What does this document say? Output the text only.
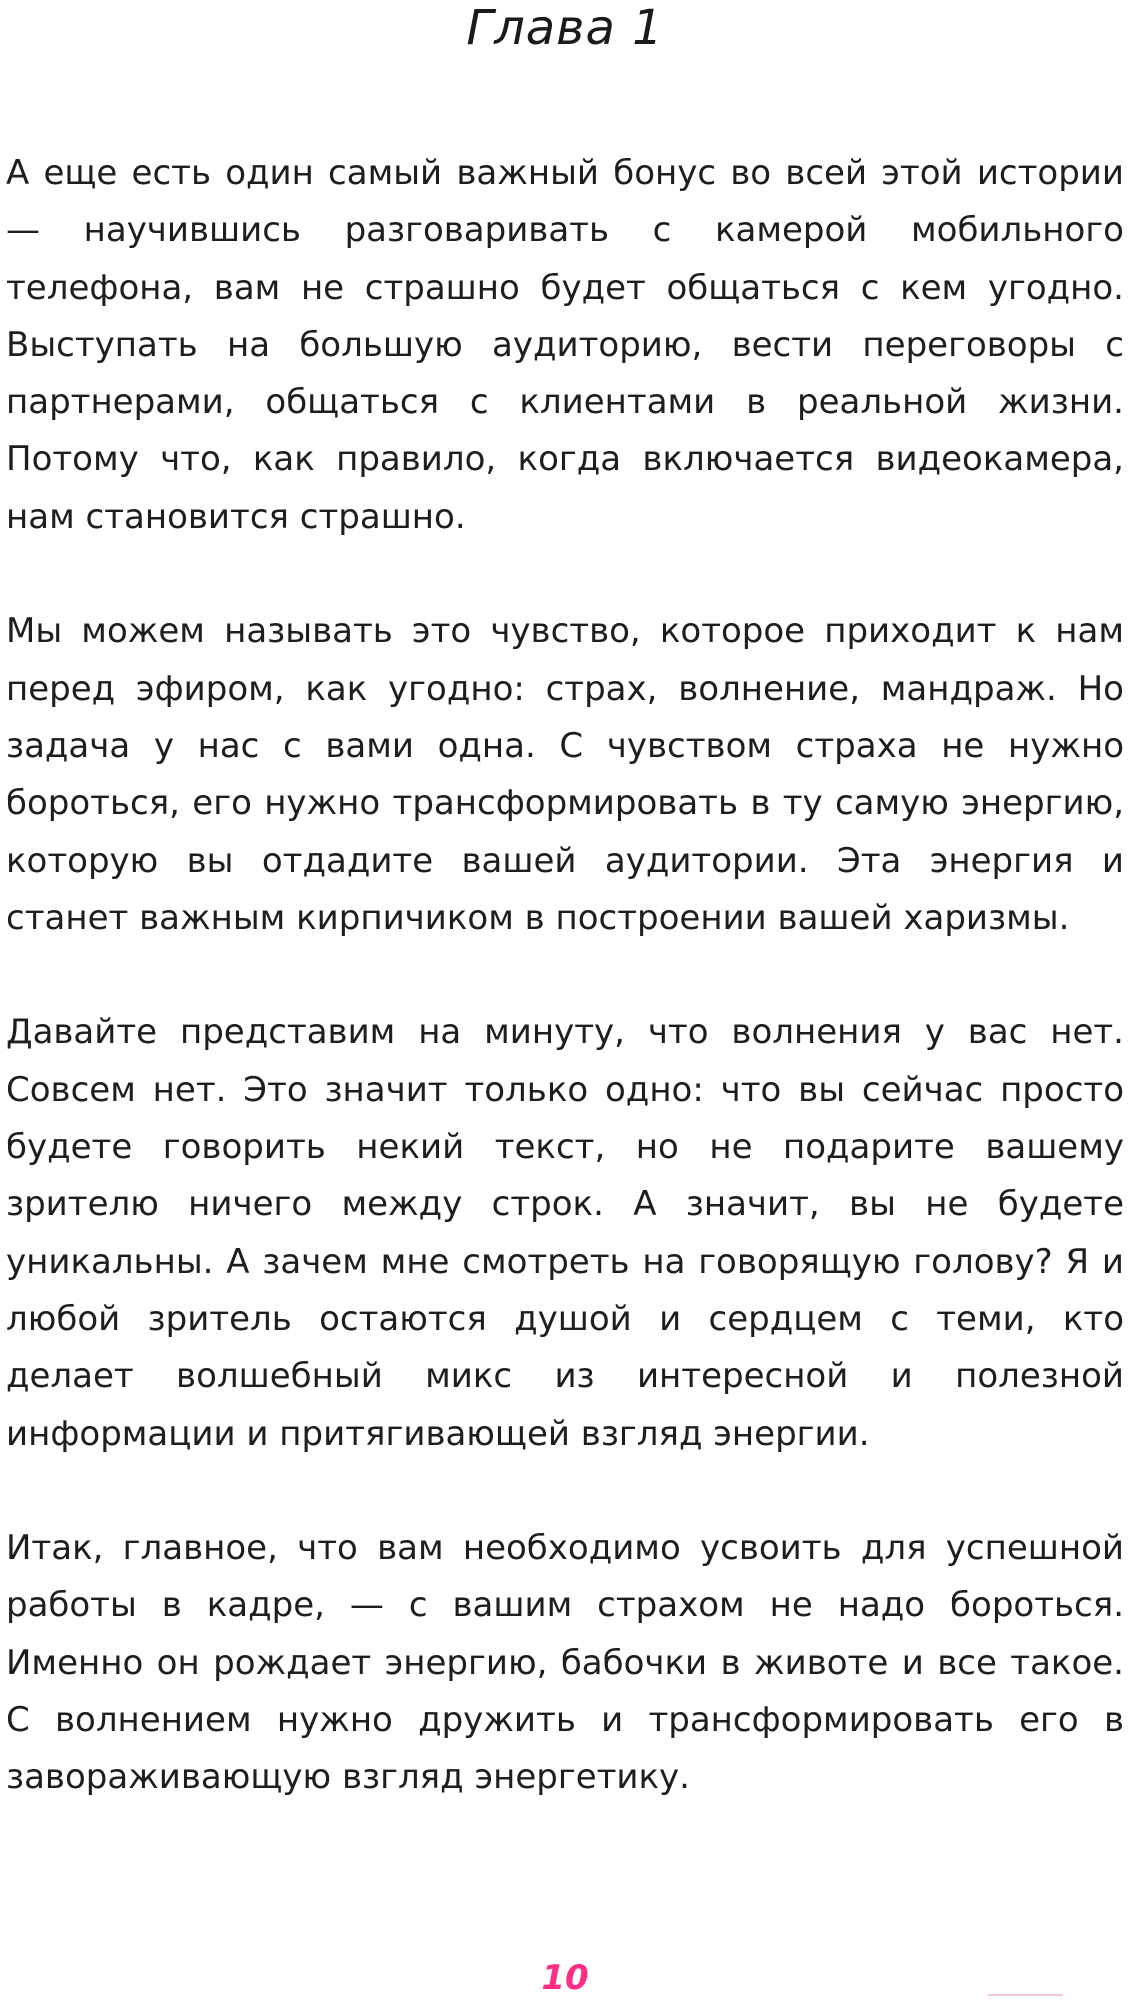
Глава 1

А еще есть один самый важный бонус во всей этой истории — научившись разговаривать с камерой мобильного телефона, вам не страшно будет общаться с кем угодно. Выступать на большую аудиторию, вести переговоры с партнерами, общаться с клиентами в реальной жизни. Потому что, как правило, когда включается видеокамера, нам становится страшно.

Мы можем называть это чувство, которое приходит к нам перед эфиром, как угодно: страх, волнение, мандраж. Но задача у нас с вами одна. С чувством страха не нужно бороться, его нужно трансформировать в ту самую энергию, которую вы отдадите вашей аудитории. Эта энергия и станет важным кирпичиком в построении вашей харизмы.

Давайте представим на минуту, что волнения у вас нет. Совсем нет. Это значит только одно: что вы сейчас просто будете говорить некий текст, но не подарите вашему зрителю ничего между строк. А значит, вы не будете уникальны. А зачем мне смотреть на говорящую голову? Я и любой зритель остаются душой и сердцем с теми, кто делает волшебный микс из интересной и полезной информации и притягивающей взгляд энергии.

Итак, главное, что вам необходимо усвоить для успешной работы в кадре, — с вашим страхом не надо бороться. Именно он рождает энергию, бабочки в животе и все такое. С волнением нужно дружить и трансформировать его в завораживающую взгляд энергетику.

10
